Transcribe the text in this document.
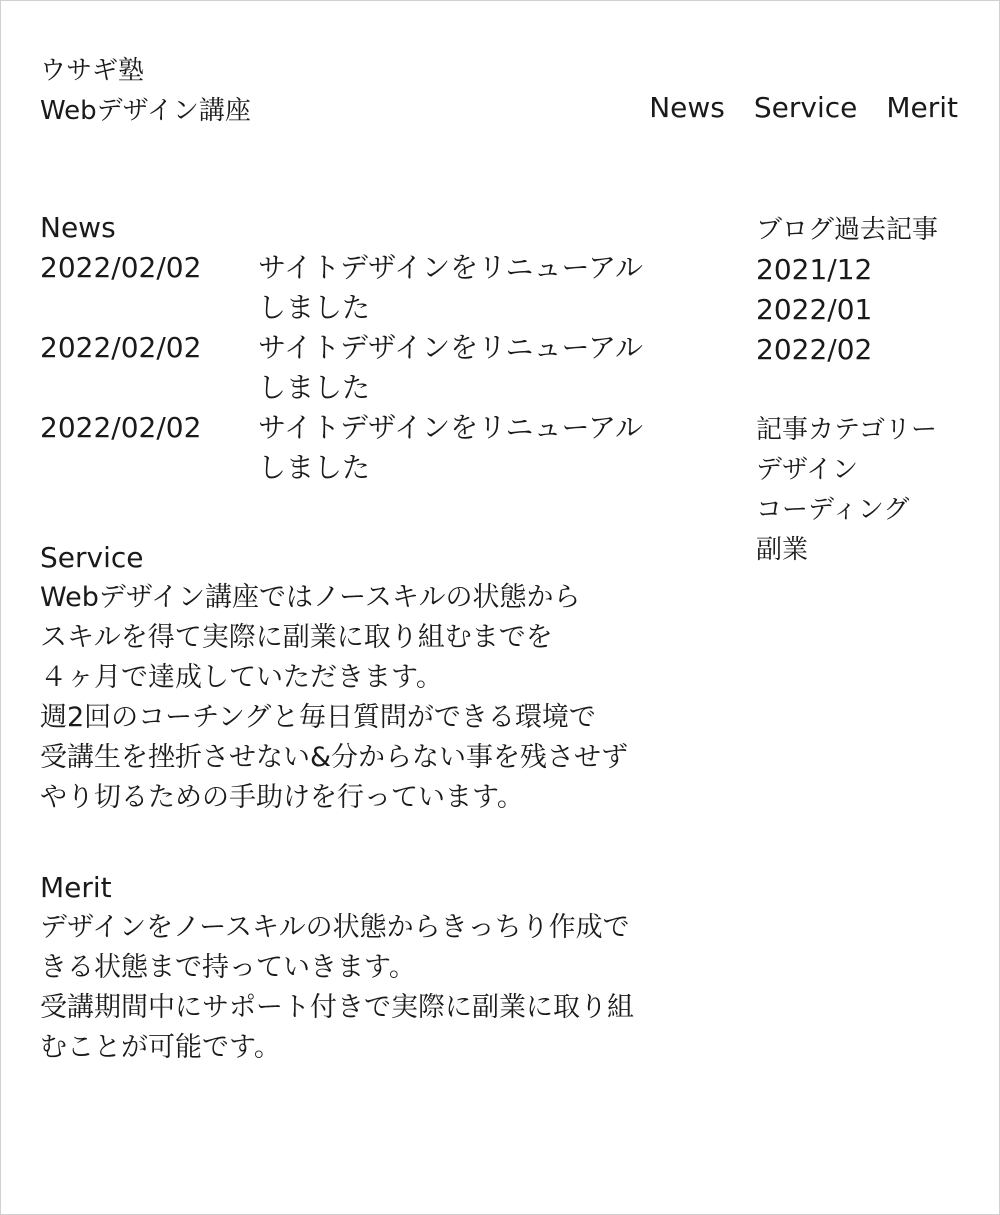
ウサギ塾
Webデザイン講座	News Service Merit
News
2022/02/02	サイトデザインをリニューアルしました
2022/02/02	サイトデザインをリニューアルしました
2022/02/02	サイトデザインをリニューアルしました
Service

Webデザイン講座ではノースキルの状態から
スキルを得て実際に副業に取り組むまでを
４ヶ月で達成していただきます。
週2回のコーチングと毎日質問ができる環境で
受講生を挫折させない&分からない事を残させず
やり切るための手助けを行っています。

Merit

デザインをノースキルの状態からきっちり作成で
きる状態まで持っていきます。
受講期間中にサポート付きで実際に副業に取り組
むことが可能です。

ブログ過去記事
2021/12
2022/01
2022/02
記事カテゴリー
デザイン
コーディング
副業
